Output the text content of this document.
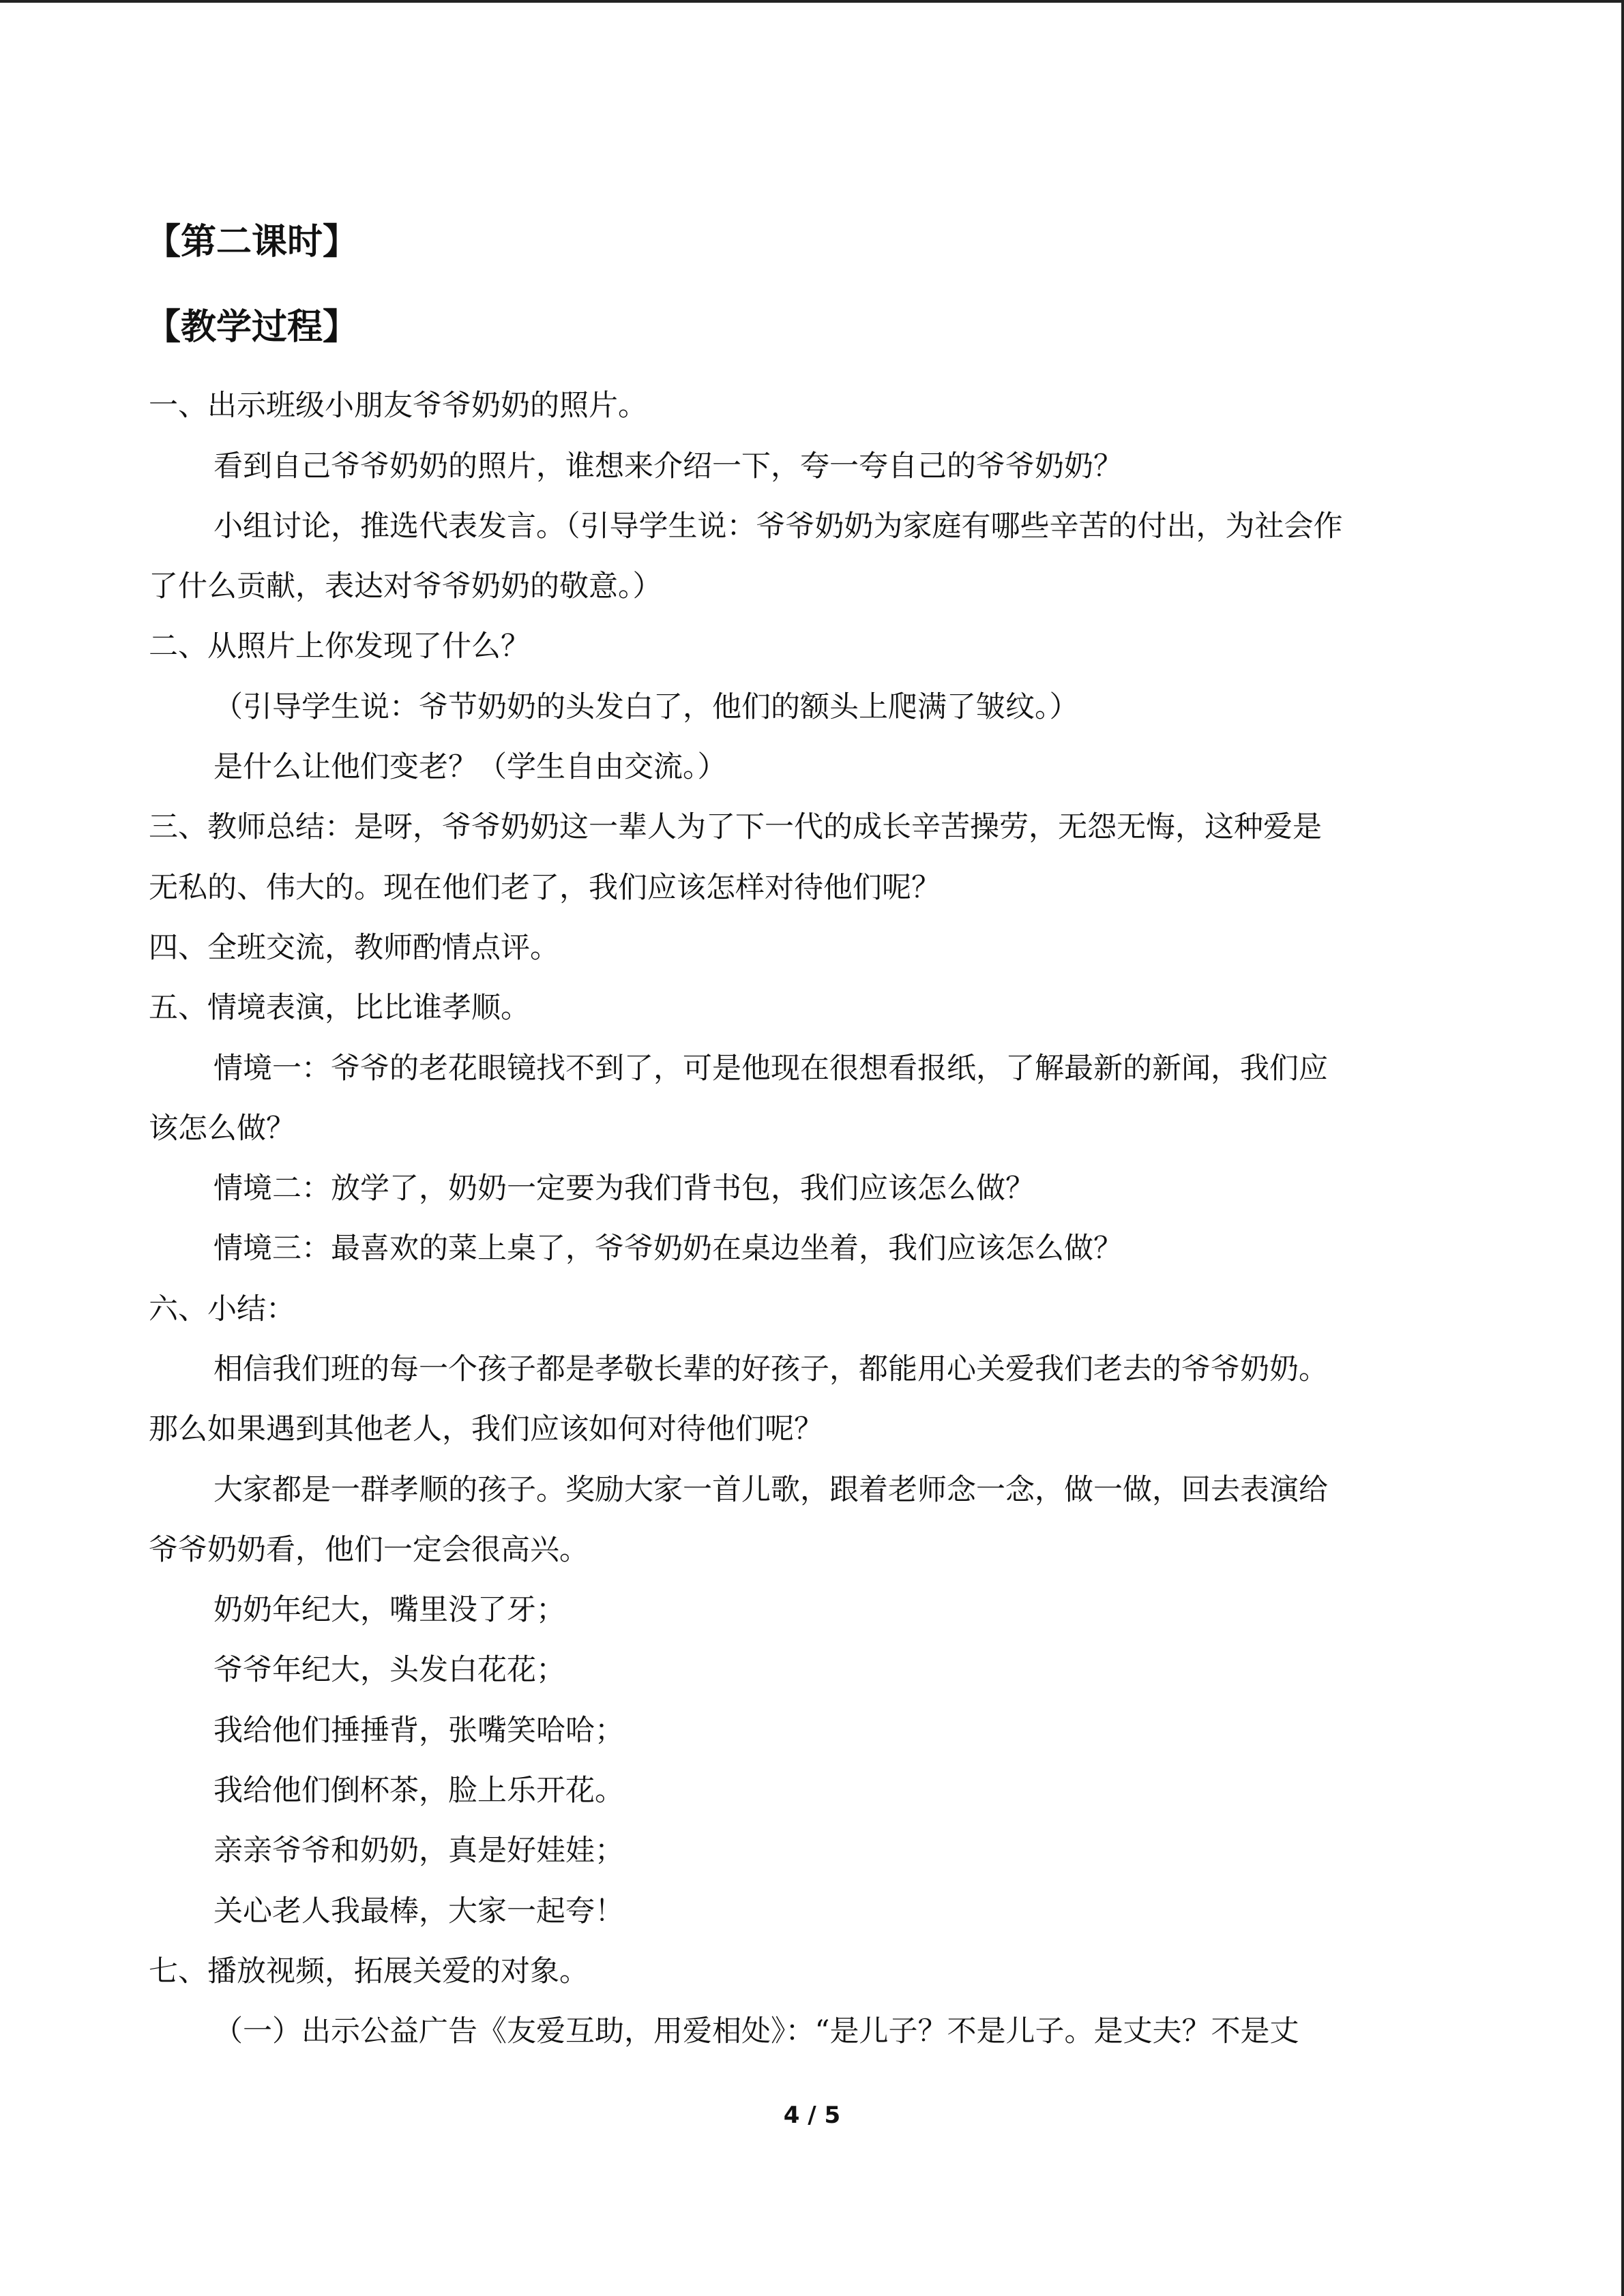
【第二课时】
【教学过程】
一、出示班级小朋友爷爷奶奶的照片。
看到自己爷爷奶奶的照片，谁想来介绍一下，夸一夸自己的爷爷奶奶？
小组讨论，推选代表发言。（引导学生说：爷爷奶奶为家庭有哪些辛苦的付出，为社会作
了什么贡献，表达对爷爷奶奶的敬意。）
二、从照片上你发现了什么？
（引导学生说：爷节奶奶的头发白了，他们的额头上爬满了皱纹。）
是什么让他们变老？（学生自由交流。）
三、教师总结：是呀，爷爷奶奶这一辈人为了下一代的成长辛苦操劳，无怨无悔，这种爱是
无私的、伟大的。现在他们老了，我们应该怎样对待他们呢？
四、全班交流，教师酌情点评。
五、情境表演，比比谁孝顺。
情境一：爷爷的老花眼镜找不到了，可是他现在很想看报纸，了解最新的新闻，我们应
该怎么做？
情境二：放学了，奶奶一定要为我们背书包，我们应该怎么做？
情境三：最喜欢的菜上桌了，爷爷奶奶在桌边坐着，我们应该怎么做？
六、小结：
相信我们班的每一个孩子都是孝敬长辈的好孩子，都能用心关爱我们老去的爷爷奶奶。
那么如果遇到其他老人，我们应该如何对待他们呢？
大家都是一群孝顺的孩子。奖励大家一首儿歌，跟着老师念一念，做一做，回去表演给
爷爷奶奶看，他们一定会很高兴。
奶奶年纪大，嘴里没了牙；
爷爷年纪大，头发白花花；
我给他们捶捶背，张嘴笑哈哈；
我给他们倒杯茶，脸上乐开花。
亲亲爷爷和奶奶，真是好娃娃；
关心老人我最棒，大家一起夸！
七、播放视频，拓展关爱的对象。
（一）出示公益广告《友爱互助，用爱相处》：“是儿子？不是儿子。是丈夫？不是丈
4 / 5
